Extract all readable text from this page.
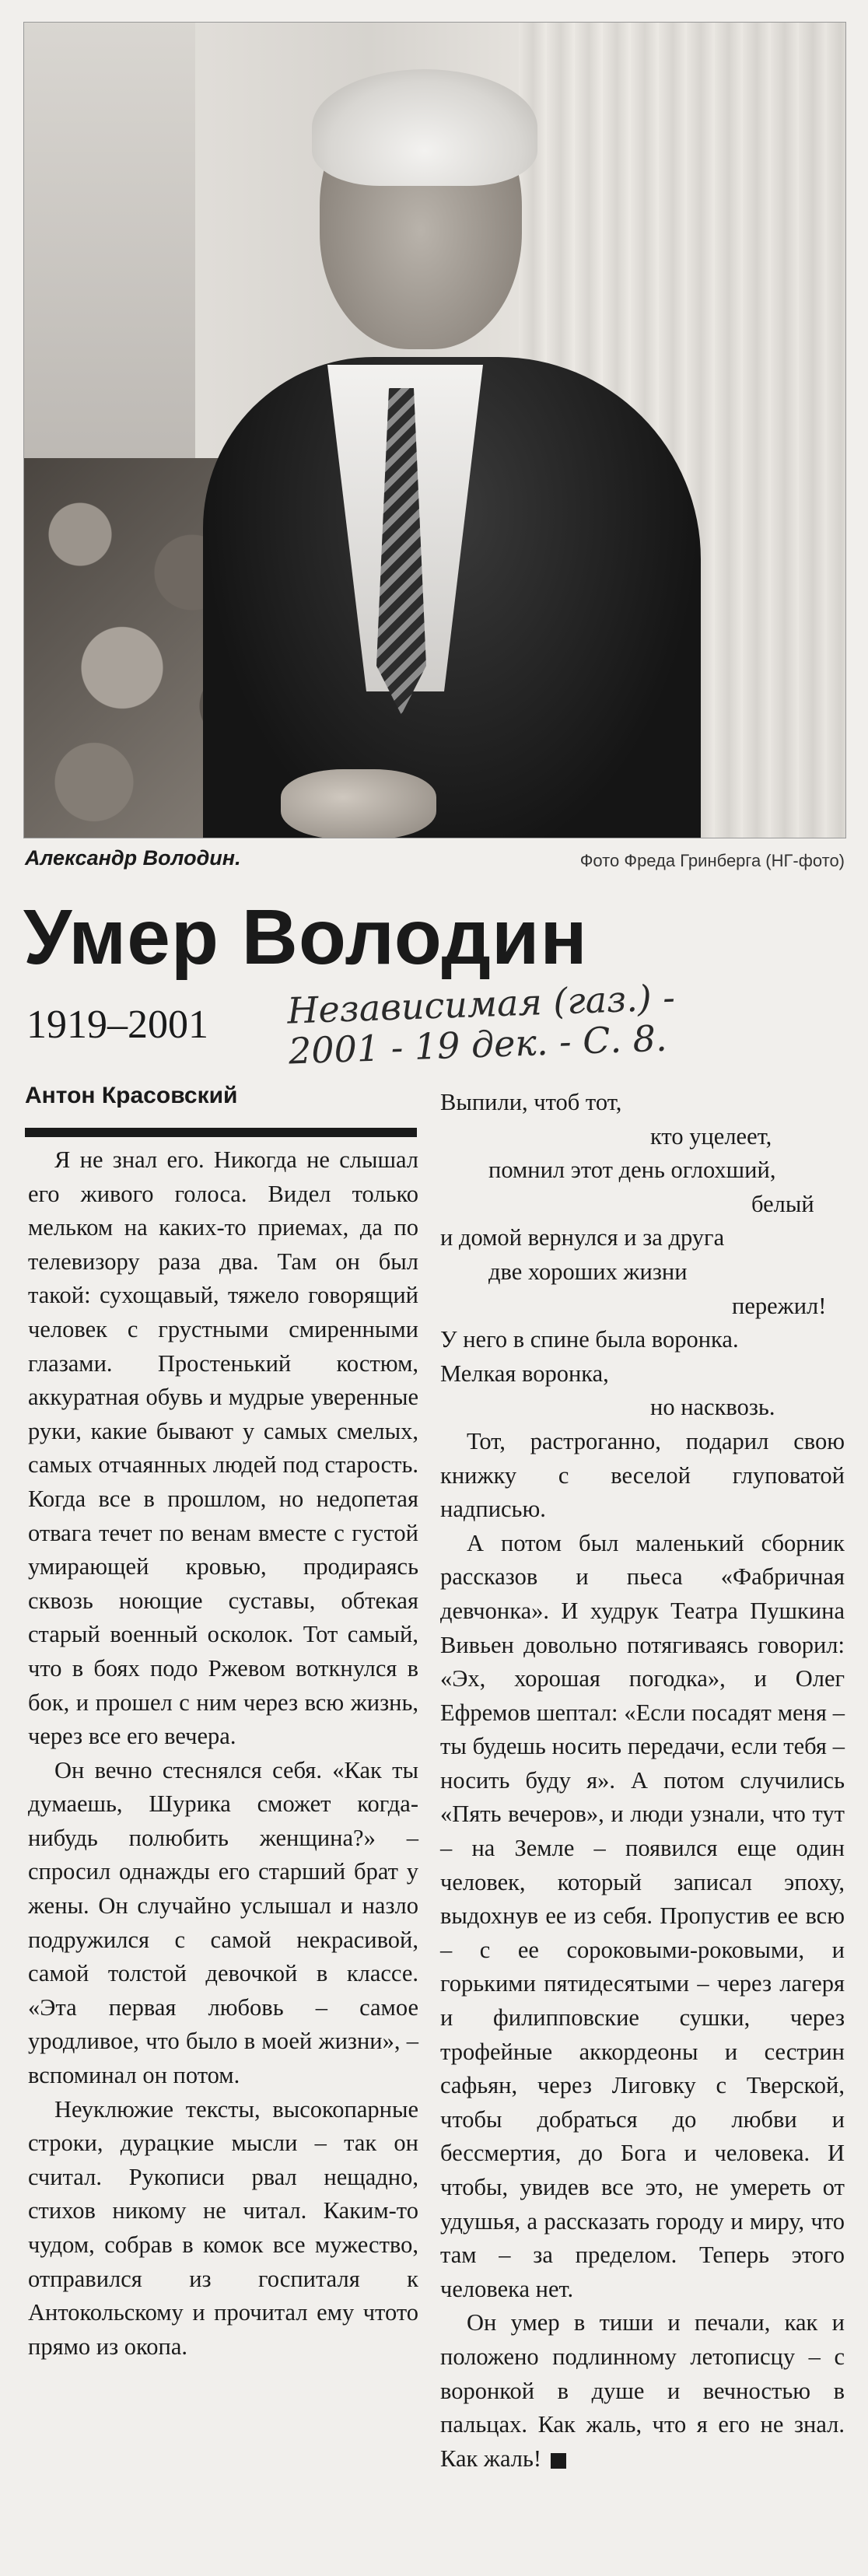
Александр Володин.	Фото Фреда Гринберга (НГ-фото)
Умер Володин
1919–2001 Независимая (газ.) -
2001 - 19 дек. - С. 8.
Антон Красовский

Я не знал его. Никогда не слышал его живого голоса. Видел только мельком на каких-то приемах, да по телевизору раза два. Там он был такой: сухощавый, тяжело говорящий человек с грустными смиренными глазами. Простенький костюм, аккуратная обувь и мудрые уверенные руки, какие бывают у самых смелых, самых отчаянных людей под старость. Когда все в прошлом, но недопетая отвага течет по венам вместе с густой умирающей кровью, продираясь сквозь ноющие суставы, обтекая старый военный осколок. Тот самый, что в боях подо Ржевом воткнулся в бок, и прошел с ним через всю жизнь, через все его вечера.

Он вечно стеснялся себя. «Как ты думаешь, Шурика сможет когда-нибудь полюбить женщина?» – спросил однажды его старший брат у жены. Он случайно услышал и назло подружился с самой некрасивой, самой толстой девочкой в классе. «Эта первая любовь – самое уродливое, что было в моей жизни», – вспоминал он потом.

Неуклюжие тексты, высокопарные строки, дурацкие мысли – так он считал. Рукописи рвал нещадно, стихов никому не читал. Каким-то чудом, собрав в комок все мужество, отправился из госпиталя к Антокольскому и прочитал ему чтото прямо из окопа.

Выпили, чтоб тот,
кто уцелеет,
помнил этот день оглохший,
белый
и домой вернулся и за друга
две хороших жизни
пережил!
У него в спине была воронка.
Мелкая воронка,
но насквозь.

Тот, растроганно, подарил свою книжку с веселой глуповатой надписью.

А потом был маленький сборник рассказов и пьеса «Фабричная девчонка». И худрук Театра Пушкина Вивьен довольно потягиваясь говорил: «Эх, хорошая погодка», и Олег Ефремов шептал: «Если посадят меня – ты будешь носить передачи, если тебя – носить буду я». А потом случились «Пять вечеров», и люди узнали, что тут – на Земле – появился еще один человек, который записал эпоху, выдохнув ее из себя. Пропустив ее всю – с ее сороковыми-роковыми, и горькими пятидесятыми – через лагеря и филипповские сушки, через трофейные аккордеоны и сестрин сафьян, через Лиговку с Тверской, чтобы добраться до любви и бессмертия, до Бога и человека. И чтобы, увидев все это, не умереть от удушья, а рассказать городу и миру, что там – за пределом. Теперь этого человека нет.

Он умер в тиши и печали, как и положено подлинному летописцу – с воронкой в душе и вечностью в пальцах. Как жаль, что я его не знал. Как жаль!
